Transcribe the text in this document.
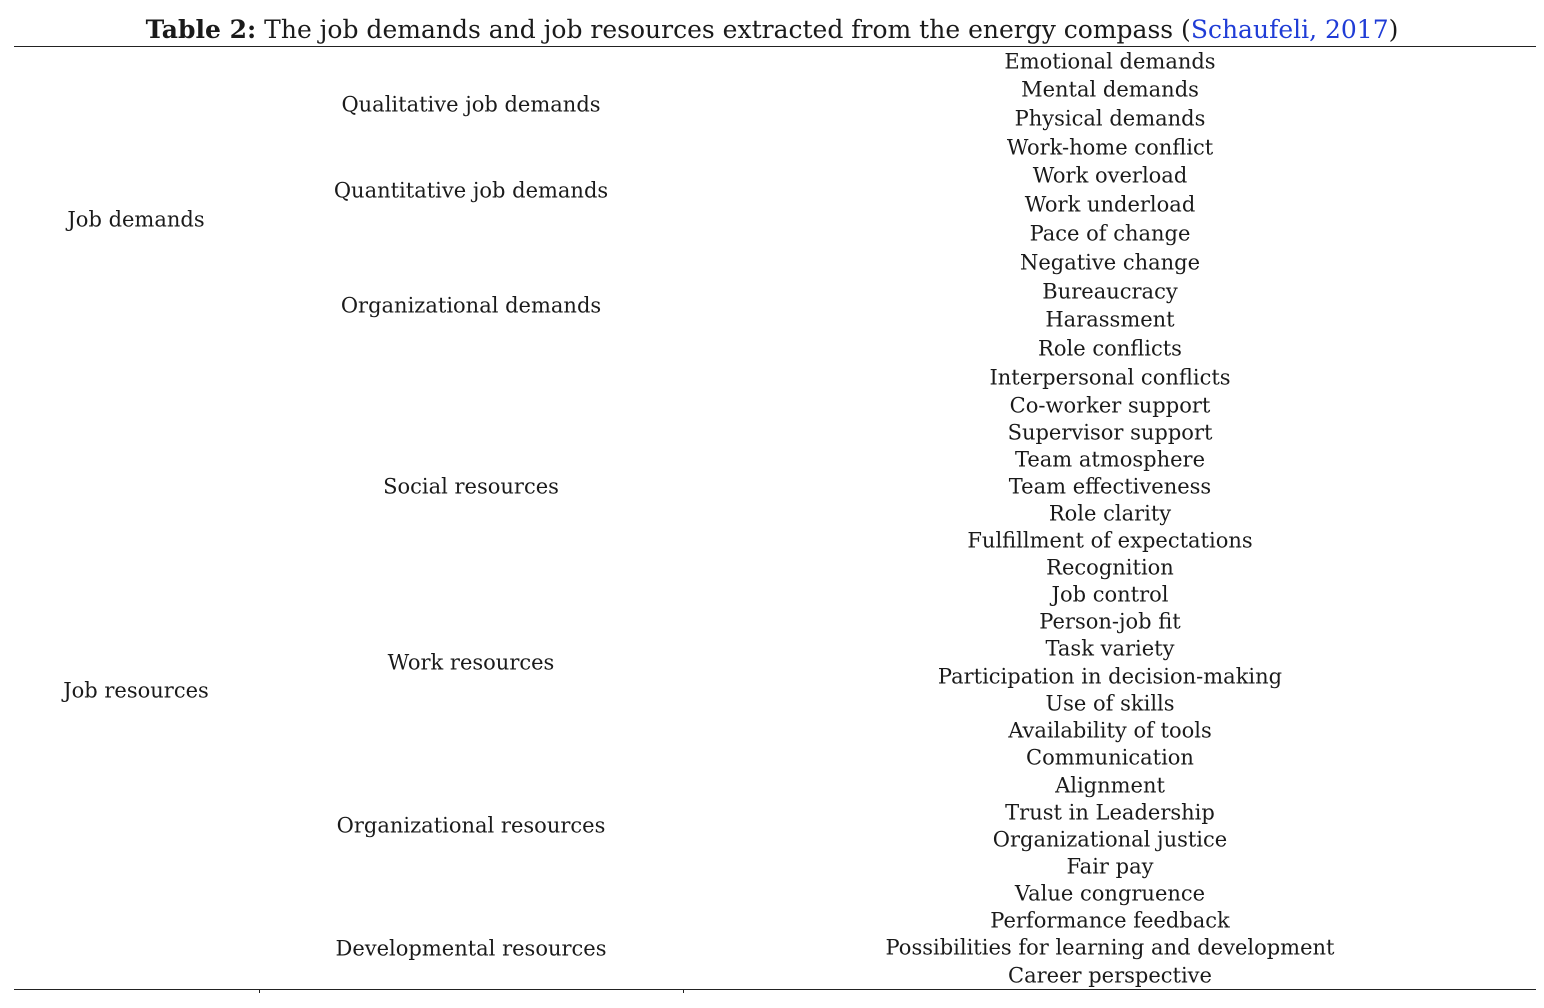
Table 2: The job demands and job resources extracted from the energy compass (Schaufeli, 2017)
Emotional demands
Mental demands
Physical demands
Work-home conflict
Qualitative job demands
Work overload
Work underload
Quantitative job demands
Pace of change
Negative change
Bureaucracy
Harassment
Role conflicts
Interpersonal conflicts
Organizational demands
Job demands
Co-worker support
Supervisor support
Team atmosphere
Team effectiveness
Role clarity
Fulfillment of expectations
Recognition
Social resources
Job control
Person-job fit
Task variety
Participation in decision-making
Use of skills
Availability of tools
Work resources
Communication
Alignment
Trust in Leadership
Organizational justice
Fair pay
Value congruence
Organizational resources
Performance feedback
Possibilities for learning and development
Career perspective
Developmental resources
Job resources
